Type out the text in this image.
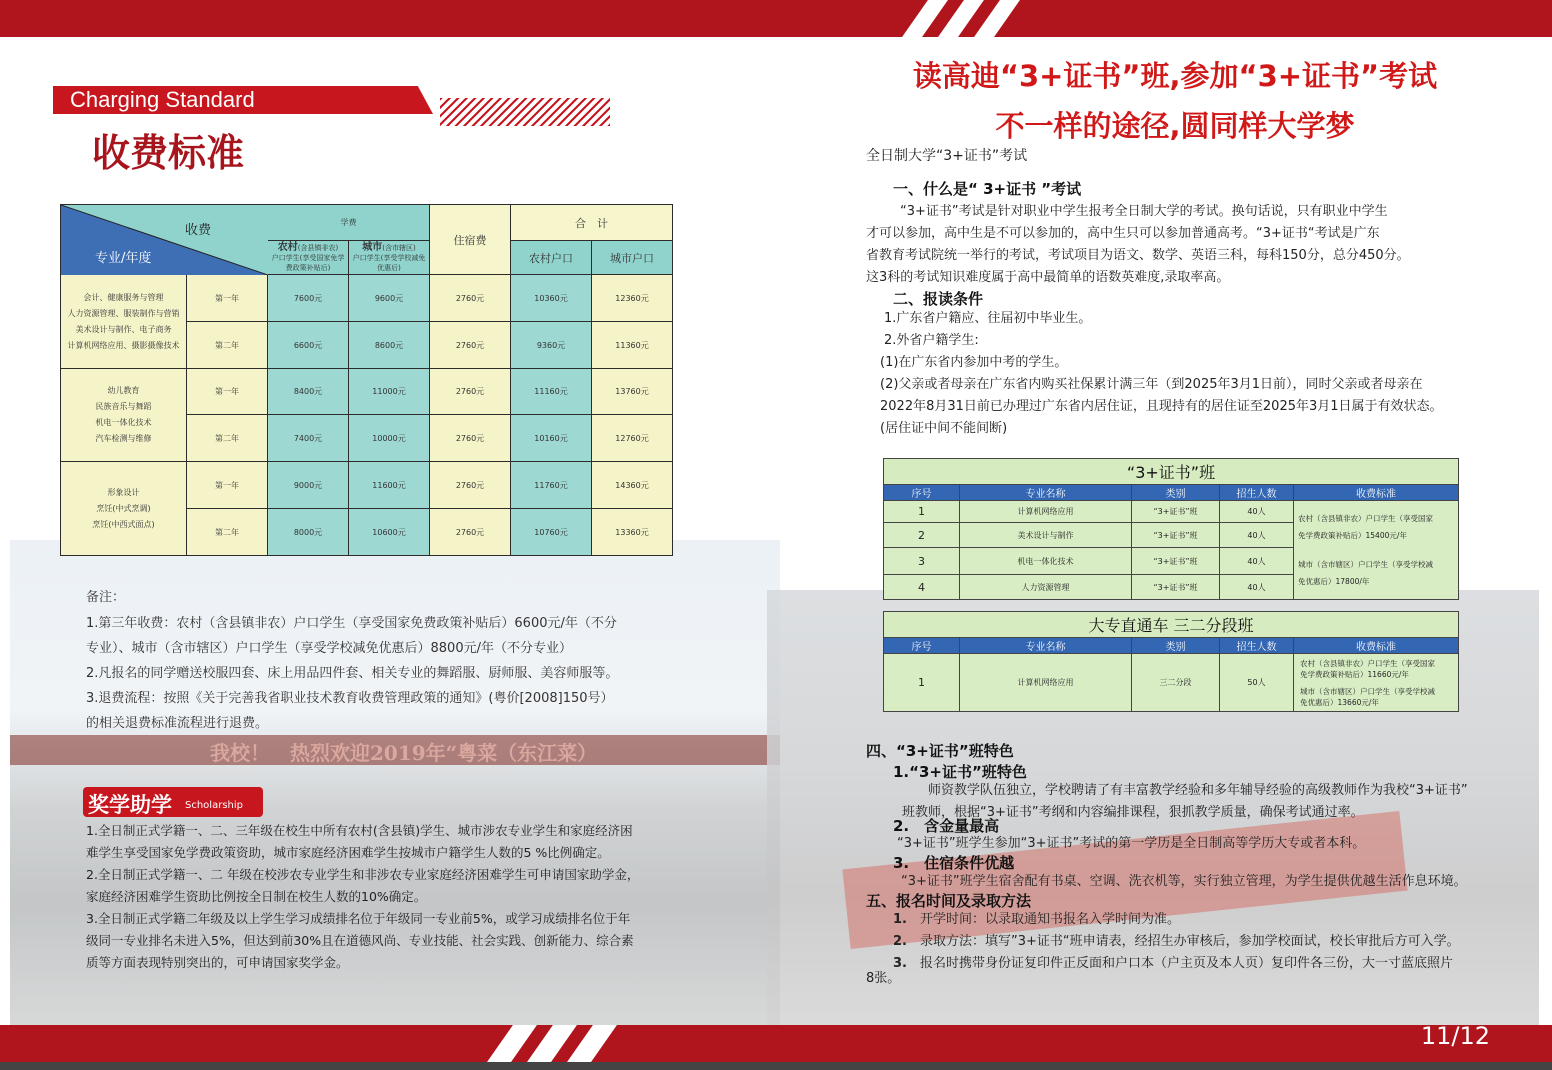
我校！　热烈欢迎2019年“粤菜（东江菜）
11/12
Charging Standard
收费标准
收费
专业/年度		学费		住宿费	合　计	
		农村(含县镇非农)
户口学生(享受国家免学费政策补贴后)	城市(含市辖区)
户口学生(享受学校减免优惠后)		农村户口	城市户口
会计、健康服务与管理
人力资源管理、服装制作与营销
美术设计与制作、电子商务
计算机网络应用、摄影摄像技术	第一年	7600元	9600元	2760元	10360元	12360元
	第二年	6600元	8600元	2760元	9360元	11360元
幼儿教育
民族音乐与舞蹈
机电一体化技术
汽车检测与维修	第一年	8400元	11000元	2760元	11160元	13760元
	第二年	7400元	10000元	2760元	10160元	12760元
形象设计
烹饪(中式烹调)
烹饪(中西式面点)	第一年	9000元	11600元	2760元	11760元	14360元
	第二年	8000元	10600元	2760元	10760元	13360元
备注：
1.第三年收费：农村（含县镇非农）户口学生（享受国家免费政策补贴后）6600元/年（不分
专业）、城市（含市辖区）户口学生（享受学校减免优惠后）8800元/年（不分专业）
2.凡报名的同学赠送校服四套、床上用品四件套、相关专业的舞蹈服、厨师服、美容师服等。
3.退费流程：按照《关于完善我省职业技术教育收费管理政策的通知》(粤价[2008]150号）
的相关退费标准流程进行退费。
奖学助学 Scholarship
1.全日制正式学籍一、二、三年级在校生中所有农村(含县镇)学生、城市涉农专业学生和家庭经济困
难学生享受国家免学费政策资助，城市家庭经济困难学生按城市户籍学生人数的5 %比例确定。
2.全日制正式学籍一、二 年级在校涉农专业学生和非涉农专业家庭经济困难学生可申请国家助学金，
家庭经济困难学生资助比例按全日制在校生人数的10%确定。
3.全日制正式学籍二年级及以上学生学习成绩排名位于年级同一专业前5%，或学习成绩排名位于年
级同一专业排名未进入5%，但达到前30%且在道德风尚、专业技能、社会实践、创新能力、综合素
质等方面表现特别突出的，可申请国家奖学金。
读高迪“3+证书”班,参加“3+证书”考试
不一样的途径,圆同样大学梦
全日制大学“3+证书”考试
一、什么是“ 3+证书 ”考试
“3+证书”考试是针对职业中学生报考全日制大学的考试。换句话说，只有职业中学生
才可以参加，高中生是不可以参加的，高中生只可以参加普通高考。“3+证书“考试是广东
省教育考试院统一举行的考试，考试项目为语文、数学、英语三科，每科150分，总分450分。
这3科的考试知识难度属于高中最简单的语数英难度,录取率高。
二、报读条件
1.广东省户籍应、往届初中毕业生。
2.外省户籍学生:
(1)在广东省内参加中考的学生。
(2)父亲或者母亲在广东省内购买社保累计满三年（到2025年3月1日前），同时父亲或者母亲在
2022年8月31日前已办理过广东省内居住证，且现持有的居住证至2025年3月1日属于有效状态。
(居住证中间不能间断)
“3+证书”班				
序号	专业名称	类别	招生人数	收费标准
1	计算机网络应用	“3+证书”班	40人	农村（含县镇非农）户口学生（享受国家
免学费政策补贴后）15400元/年
城市（含市辖区）户口学生（享受学校减
免优惠后）17800/年

2	美术设计与制作	“3+证书”班	40人	
3	机电一体化技术	“3+证书”班	40人	
4	人力资源管理	“3+证书”班	40人	
大专直通车 三二分段班				
序号	专业名称	类别	招生人数	收费标准
1	计算机网络应用	三二分段	50人	农村（含县镇非农）户口学生（享受国家
免学费政策补贴后）11660元/年
城市（含市辖区）户口学生（享受学校减
免优惠后）13660元/年
四、“3+证书”班特色
1.“3+证书”班特色
师资教学队伍独立，学校聘请了有丰富教学经验和多年辅导经验的高级教师作为我校“3+证书”
班教师，根据“3+证书”考纲和内容编排课程，狠抓教学质量，确保考试通过率。
2.　含金量最高
“3+证书”班学生参加“3+证书”考试的第一学历是全日制高等学历大专或者本科。
3.　住宿条件优越
“3+证书”班学生宿舍配有书桌、空调、洗衣机等，实行独立管理，为学生提供优越生活作息环境。
五、报名时间及录取方法
1.　 开学时间：以录取通知书报名入学时间为准。
2.　 录取方法：填写”3+证书“班申请表，经招生办审核后，参加学校面试，校长审批后方可入学。
3.　 报名时携带身份证复印件正反面和户口本（户主页及本人页）复印件各三份，大一寸蓝底照片
8张。
